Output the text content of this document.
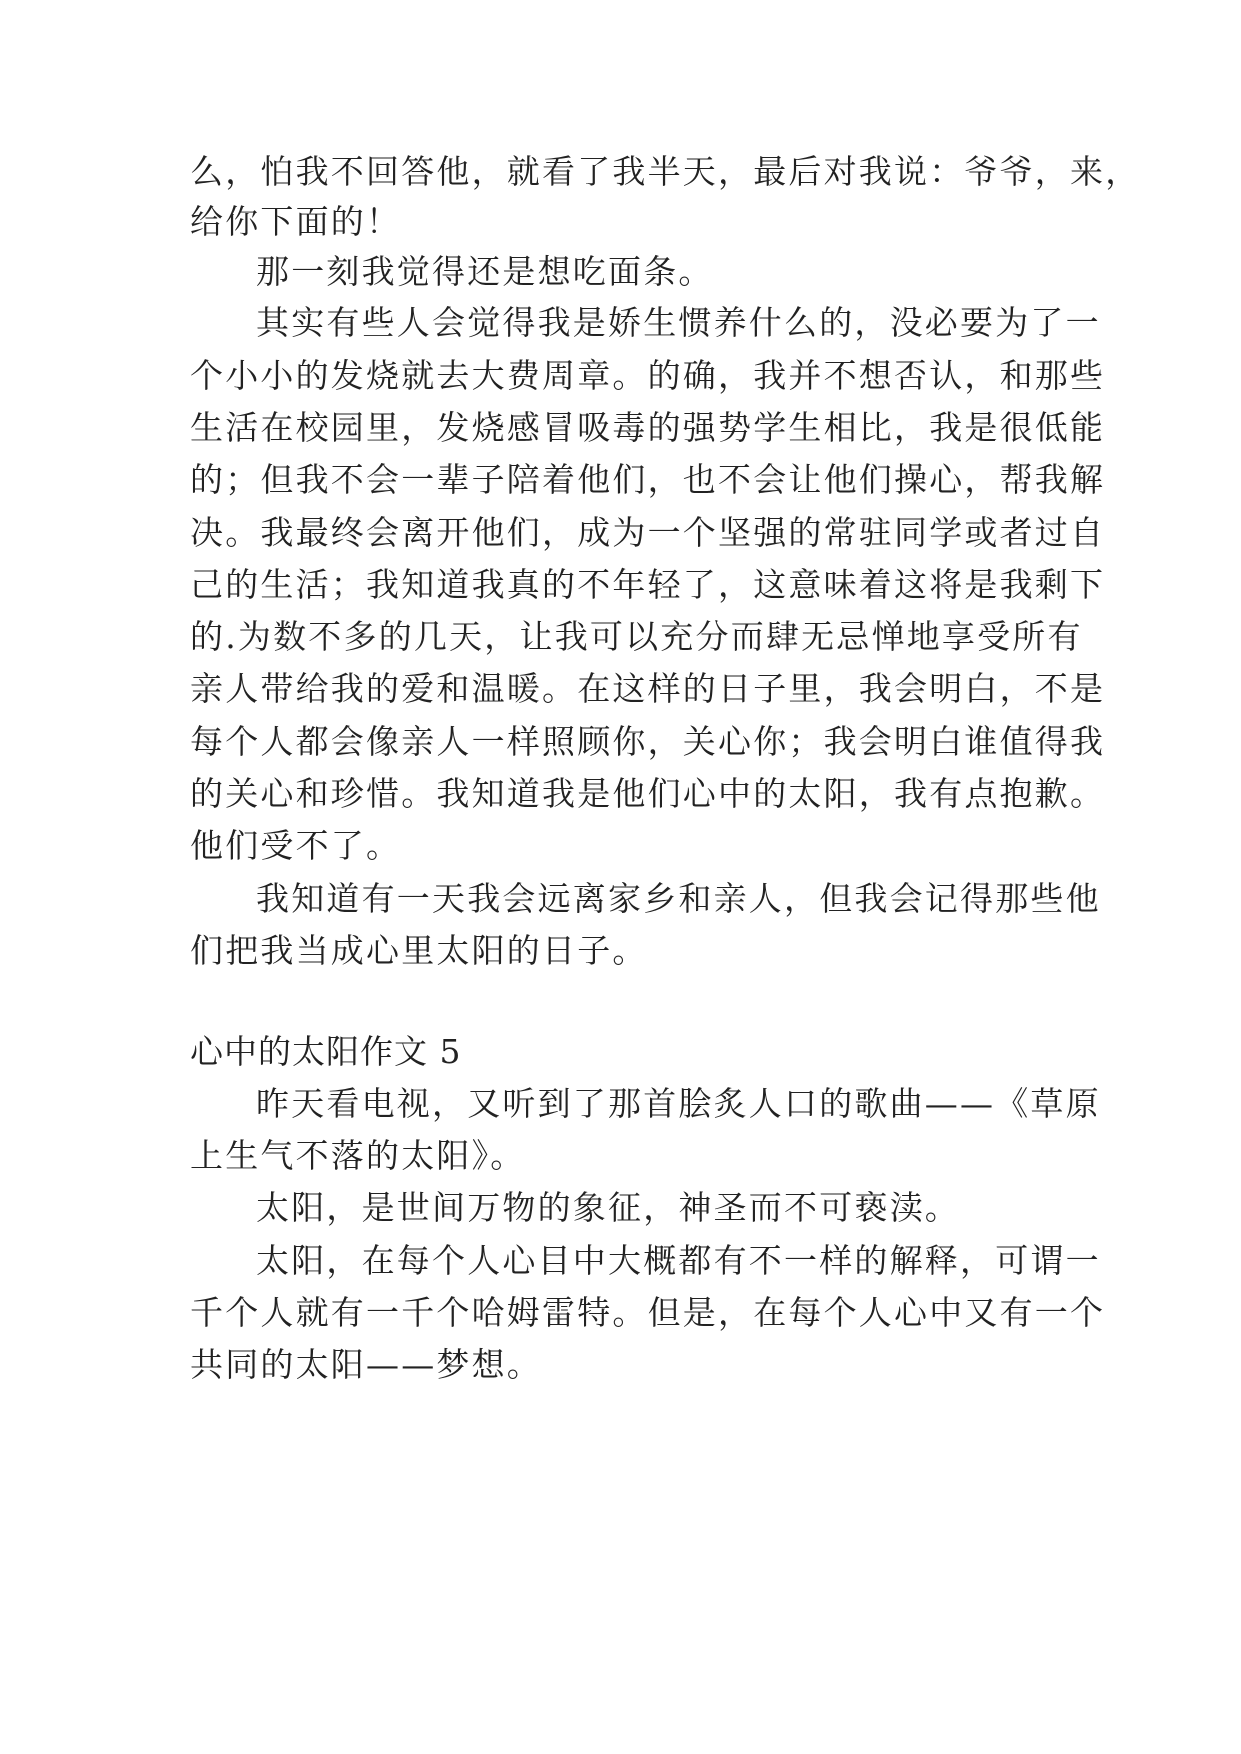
么，怕我不回答他，就看了我半天，最后对我说：爷爷，来，
给你下面的！
那一刻我觉得还是想吃面条。
其实有些人会觉得我是娇生惯养什么的，没必要为了一
个小小的发烧就去大费周章。的确，我并不想否认，和那些
生活在校园里，发烧感冒吸毒的强势学生相比，我是很低能
的；但我不会一辈子陪着他们，也不会让他们操心，帮我解
决。我最终会离开他们，成为一个坚强的常驻同学或者过自
己的生活；我知道我真的不年轻了，这意味着这将是我剩下
的.为数不多的几天，让我可以充分而肆无忌惮地享受所有
亲人带给我的爱和温暖。在这样的日子里，我会明白，不是
每个人都会像亲人一样照顾你，关心你；我会明白谁值得我
的关心和珍惜。我知道我是他们心中的太阳，我有点抱歉。
他们受不了。
我知道有一天我会远离家乡和亲人，但我会记得那些他
们把我当成心里太阳的日子。
心中的太阳作文 5
昨天看电视，又听到了那首脍炙人口的歌曲——《草原
上生气不落的太阳》。
太阳，是世间万物的象征，神圣而不可亵渎。
太阳，在每个人心目中大概都有不一样的解释，可谓一
千个人就有一千个哈姆雷特。但是，在每个人心中又有一个
共同的太阳——梦想。
